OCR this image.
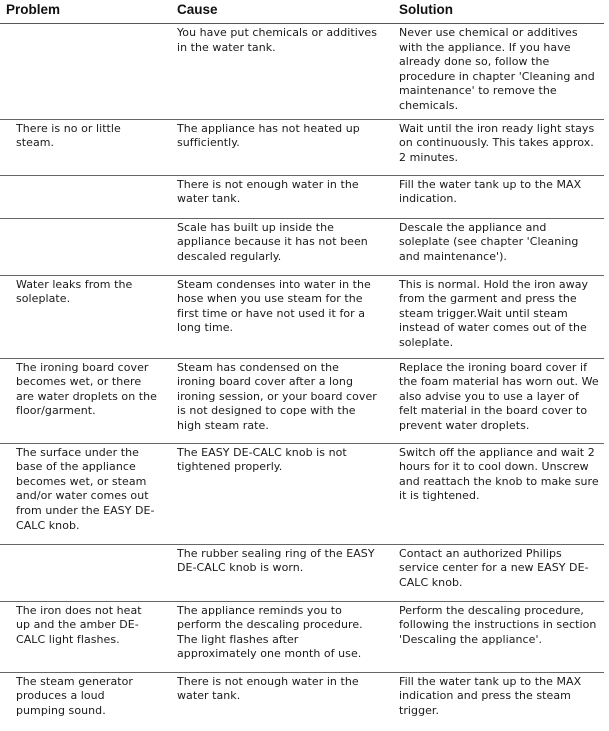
Problem	Cause	Solution
	You have put chemicals or additives in the water tank.	Never use chemical or additives with the appliance. If you have already done so, follow the procedure in chapter 'Cleaning and maintenance' to remove the chemicals.
There is no or little steam.	The appliance has not heated up sufficiently.	Wait until the iron ready light stays on continuously. This takes approx. 2 minutes.
	There is not enough water in the water tank.	Fill the water tank up to the MAX indication.
	Scale has built up inside the appliance because it has not been descaled regularly.	Descale the appliance and soleplate (see chapter 'Cleaning and maintenance').
Water leaks from the soleplate.	Steam condenses into water in the hose when you use steam for the first time or have not used it for a long time.	This is normal. Hold the iron away from the garment and press the steam trigger.Wait until steam instead of water comes out of the soleplate.
The ironing board cover becomes wet, or there are water droplets on the floor/garment.	Steam has condensed on the ironing board cover after a long ironing session, or your board cover is not designed to cope with the high steam rate.	Replace the ironing board cover if the foam material has worn out. We also advise you to use a layer of felt material in the board cover to prevent water droplets.
The surface under the base of the appliance becomes wet, or steam and/or water comes out from under the EASY DE-CALC knob.	The EASY DE-CALC knob is not tightened properly.	Switch off the appliance and wait 2 hours for it to cool down. Unscrew and reattach the knob to make sure it is tightened.
	The rubber sealing ring of the EASY DE-CALC knob is worn.	Contact an authorized Philips service center for a new EASY DE-CALC knob.
The iron does not heat up and the amber DE-CALC light flashes.	The appliance reminds you to perform the descaling procedure. The light flashes after approximately one month of use.	Perform the descaling procedure, following the instructions in section 'Descaling the appliance'.
The steam generator produces a loud pumping sound.	There is not enough water in the water tank.	Fill the water tank up to the MAX indication and press the steam trigger.
